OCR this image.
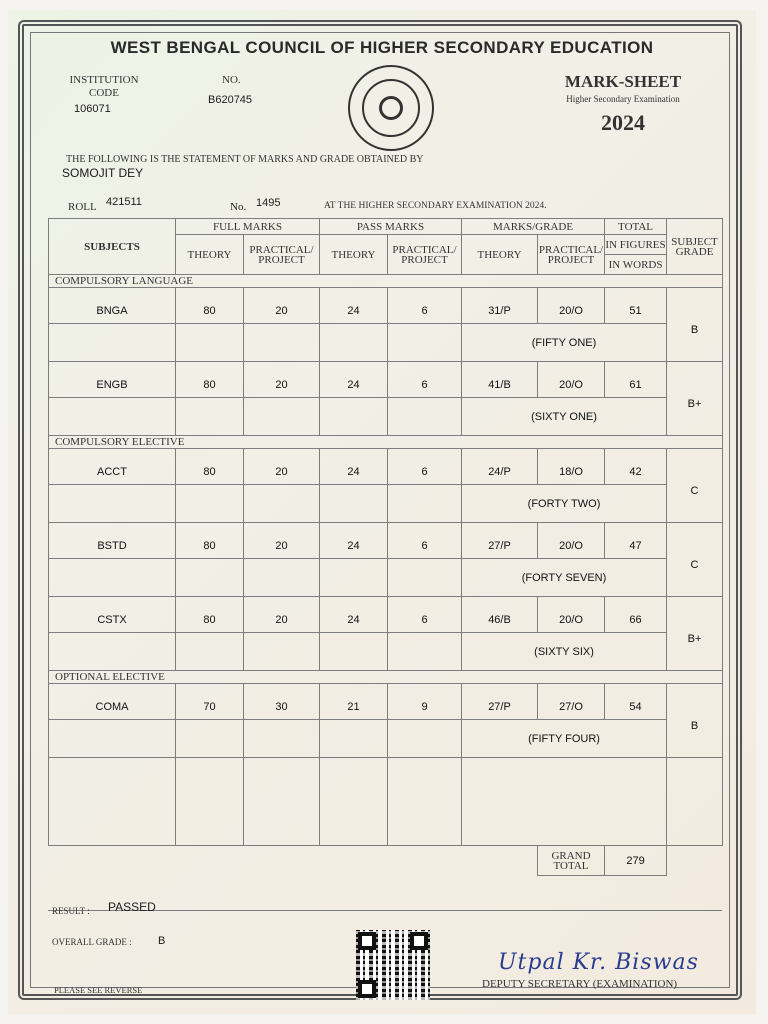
WEST BENGAL COUNCIL OF HIGHER SECONDARY EDUCATION
INSTITUTION
CODE
106071
NO.
B620745
MARK-SHEET
Higher Secondary Examination
2024
THE FOLLOWING IS THE STATEMENT OF MARKS AND GRADE OBTAINED BY
SOMOJIT DEY
ROLL 421511	No. 1495	AT THE HIGHER SECONDARY EXAMINATION 2024.
SUBJECTS	FULL MARKS		PASS MARKS		MARKS/GRADE		TOTAL	SUBJECT GRADE
	THEORY	PRACTICAL/ PROJECT	THEORY	PRACTICAL/ PROJECT	THEORY	PRACTICAL/ PROJECT	IN FIGURES	
							IN WORDS	
COMPULSORY LANGUAGE								
BNGA	80	20	24	6	31/P	20/O	51	B
					(FIFTY ONE)			
ENGB	80	20	24	6	41/B	20/O	61	B+
					(SIXTY ONE)			
COMPULSORY ELECTIVE								
ACCT	80	20	24	6	24/P	18/O	42	C
					(FORTY TWO)			
BSTD	80	20	24	6	27/P	20/O	47	C
					(FORTY SEVEN)			
CSTX	80	20	24	6	46/B	20/O	66	B+
					(SIXTY SIX)			
OPTIONAL ELECTIVE								
COMA	70	30	21	9	27/P	27/O	54	B
					(FIFTY FOUR)			

						GRAND TOTAL	279	
RESULT : PASSED
OVERALL GRADE : B
Utpal Kr. Biswas
DEPUTY SECRETARY (EXAMINATION)
PLEASE SEE REVERSE
